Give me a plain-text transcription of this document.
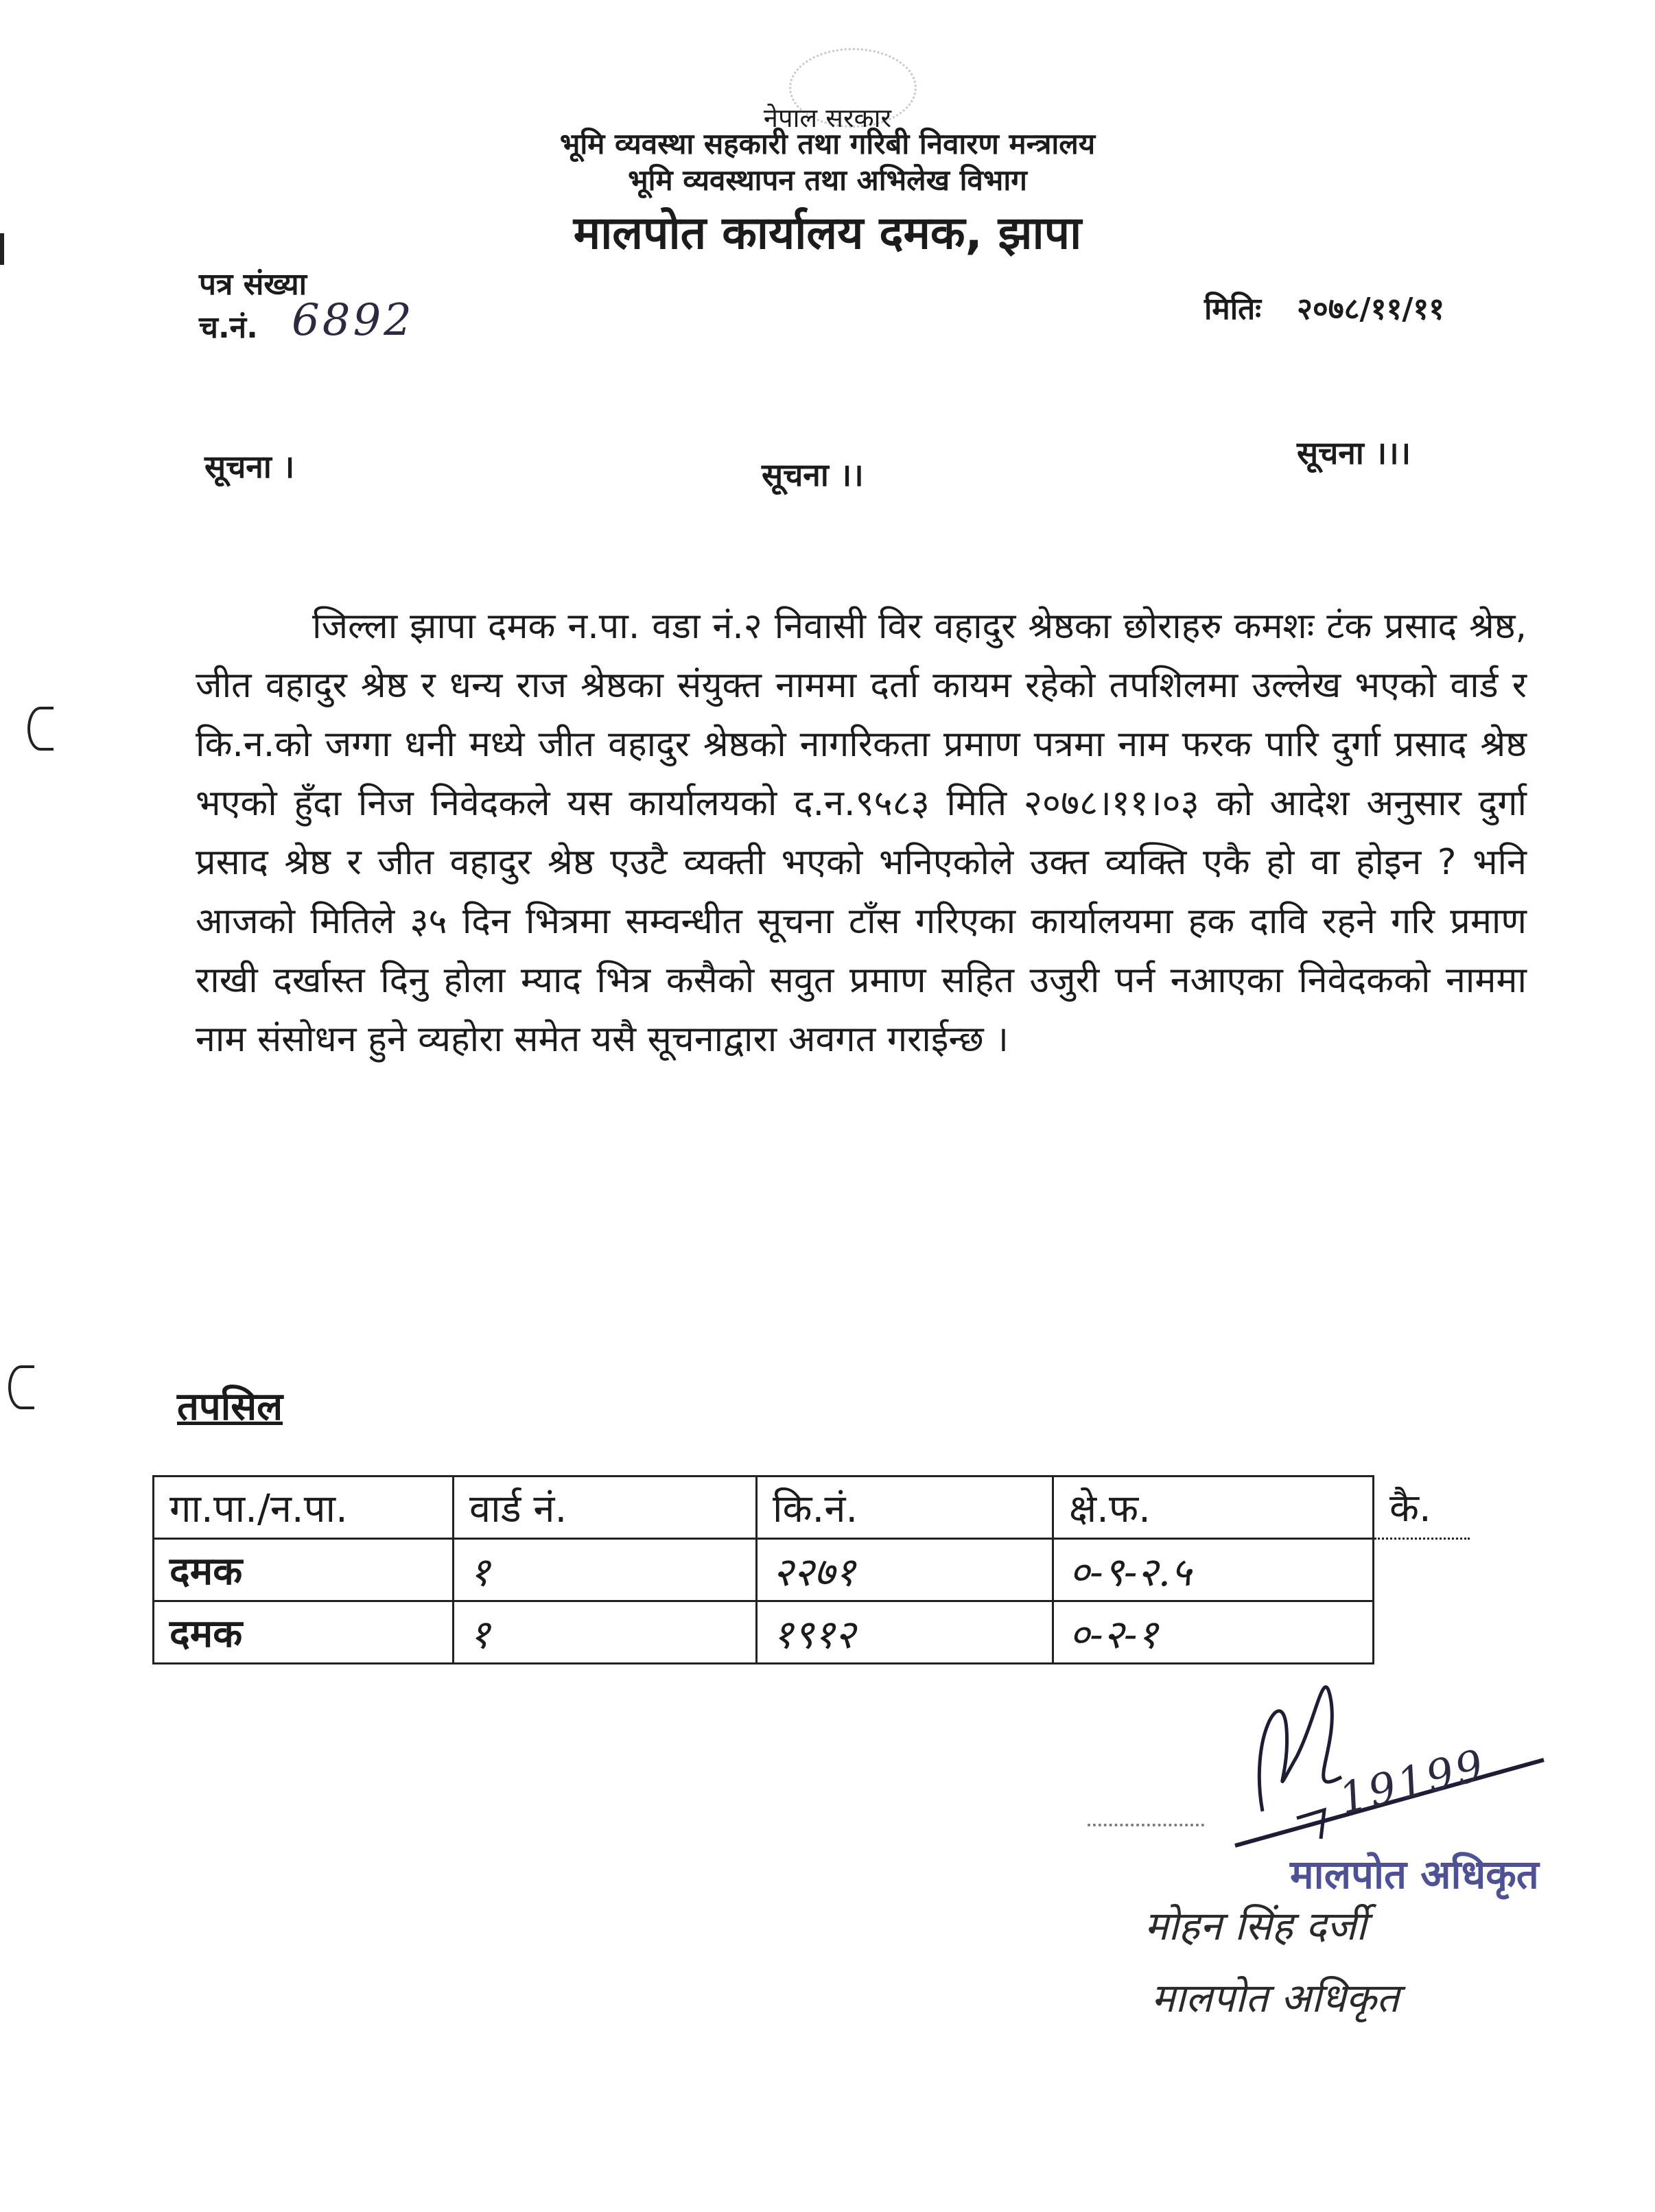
नेपाल सरकार
भूमि व्यवस्था सहकारी तथा गरिबी निवारण मन्त्रालय
भूमि व्यवस्थापन तथा अभिलेख विभाग
मालपोत कार्यालय दमक, झापा
पत्र संख्या
च.नं. 6892	मितिः २०७८/११/११
सूचना ।	सूचना ।।
सूचना ।।।
जिल्ला झापा दमक न.पा. वडा नं.२ निवासी विर वहादुर श्रेष्ठका छोराहरु कमशः टंक प्रसाद श्रेष्ठ, जीत वहादुर श्रेष्ठ र धन्य राज श्रेष्ठका संयुक्त नाममा दर्ता कायम रहेको तपशिलमा उल्लेख भएको वार्ड र कि.न.को जग्गा धनी मध्ये जीत वहादुर श्रेष्ठको नागरिकता प्रमाण पत्रमा नाम फरक पारि दुर्गा प्रसाद श्रेष्ठ भएको हुँदा निज निवेदकले यस कार्यालयको द.न.९५८३ मिति २०७८।११।०३ को आदेश अनुसार दुर्गा प्रसाद श्रेष्ठ र जीत वहादुर श्रेष्ठ एउटै व्यक्ती भएको भनिएकोले उक्त व्यक्ति एकै हो वा होइन ? भनि आजको मितिले ३५ दिन भित्रमा सम्वन्धीत सूचना टाँस गरिएका कार्यालयमा हक दावि रहने गरि प्रमाण राखी दर्खास्त दिनु होला म्याद भित्र कसैको सवुत प्रमाण सहित उजुरी पर्न नआएका निवेदकको नाममा नाम संसोधन हुने व्यहोरा समेत यसै सूचनाद्वारा अवगत गराईन्छ ।
तपसिल
गा.पा./न.पा.	वार्ड नं.	कि.नं.	क्षे.फ.	कै.
दमक	१	२२७१	०-९-२.५	
दमक	१	१९१२	०-२-१	
19199
मालपोत अधिकृत
मोहन सिंह दर्जी
मालपोत अधिकृत
